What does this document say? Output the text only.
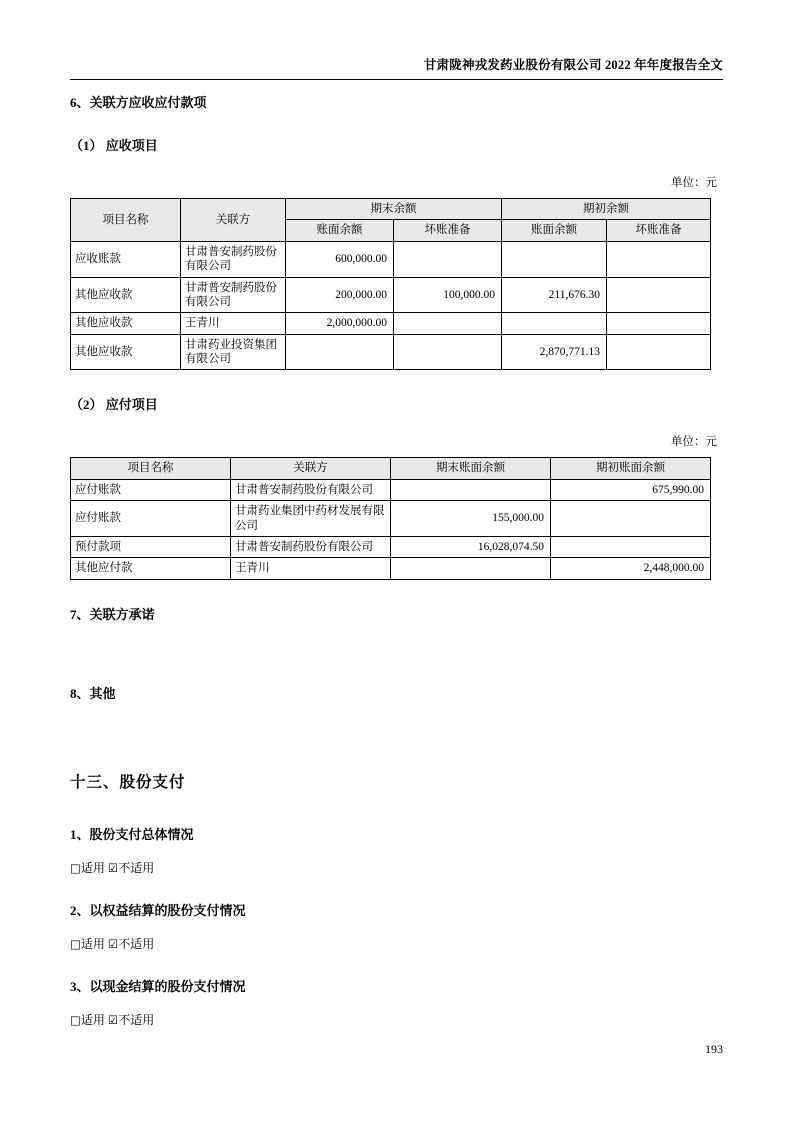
甘肃陇神戎发药业股份有限公司 2022 年年度报告全文
6、关联方应收应付款项
（1） 应收项目
单位：元
项目名称	关联方	期末余额		期初余额	
		账面余额	坏账准备	账面余额	坏账准备
应收账款	甘肃普安制药股份有限公司	600,000.00			
其他应收款	甘肃普安制药股份有限公司	200,000.00	100,000.00	211,676.30	
其他应收款	王青川	2,000,000.00			
其他应收款	甘肃药业投资集团有限公司			2,870,771.13	
（2） 应付项目
单位：元
项目名称	关联方	期末账面余额	期初账面余额
应付账款	甘肃普安制药股份有限公司		675,990.00
应付账款	甘肃药业集团中药材发展有限公司	155,000.00	
预付款项	甘肃普安制药股份有限公司	16,028,074.50	
其他应付款	王青川		2,448,000.00
7、关联方承诺
8、其他
十三、股份支付
1、股份支付总体情况
□适用 ☑不适用
2、以权益结算的股份支付情况
□适用 ☑不适用
3、以现金结算的股份支付情况
□适用 ☑不适用
193
